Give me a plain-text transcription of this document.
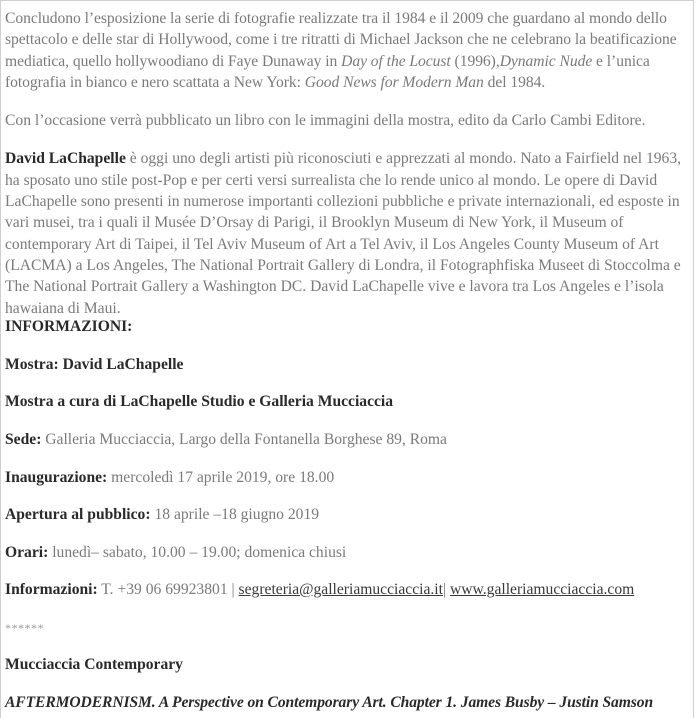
Concludono l’esposizione la serie di fotografie realizzate tra il 1984 e il 2009 che guardano al mondo dello spettacolo e delle star di Hollywood, come i tre ritratti di Michael Jackson che ne celebrano la beatificazione mediatica, quello hollywoodiano di Faye Dunaway in Day of the Locust (1996),Dynamic Nude e l’unica fotografia in bianco e nero scattata a New York: Good News for Modern Man del 1984.

Con l’occasione verrà pubblicato un libro con le immagini della mostra, edito da Carlo Cambi Editore.

David LaChapelle è oggi uno degli artisti più riconosciuti e apprezzati al mondo. Nato a Fairfield nel 1963, ha sposato uno stile post-Pop e per certi versi surrealista che lo rende unico al mondo. Le opere di David LaChapelle sono presenti in numerose importanti collezioni pubbliche e private internazionali, ed esposte in vari musei, tra i quali il Musée D’Orsay di Parigi, il Brooklyn Museum di New York, il Museum of contemporary Art di Taipei, il Tel Aviv Museum of Art a Tel Aviv, il Los Angeles County Museum of Art (LACMA) a Los Angeles, The National Portrait Gallery di Londra, il Fotographfiska Museet di Stoccolma e The National Portrait Gallery a Washington DC. David LaChapelle vive e lavora tra Los Angeles e l’isola hawaiana di Maui.

INFORMAZIONI:
Mostra: David LaChapelle
Mostra a cura di LaChapelle Studio e Galleria Mucciaccia
Sede: Galleria Mucciaccia, Largo della Fontanella Borghese 89, Roma
Inaugurazione: mercoledì 17 aprile 2019, ore 18.00
Apertura al pubblico: 18 aprile –18 giugno 2019
Orari: lunedì– sabato, 10.00 – 19.00; domenica chiusi
Informazioni: T. +39 06 69923801 | segreteria@galleriamucciaccia.it| www.galleriamucciaccia.com
******
Mucciaccia Contemporary
AFTERMODERNISM. A Perspective on Contemporary Art. Chapter 1. James Busby – Justin Samson
